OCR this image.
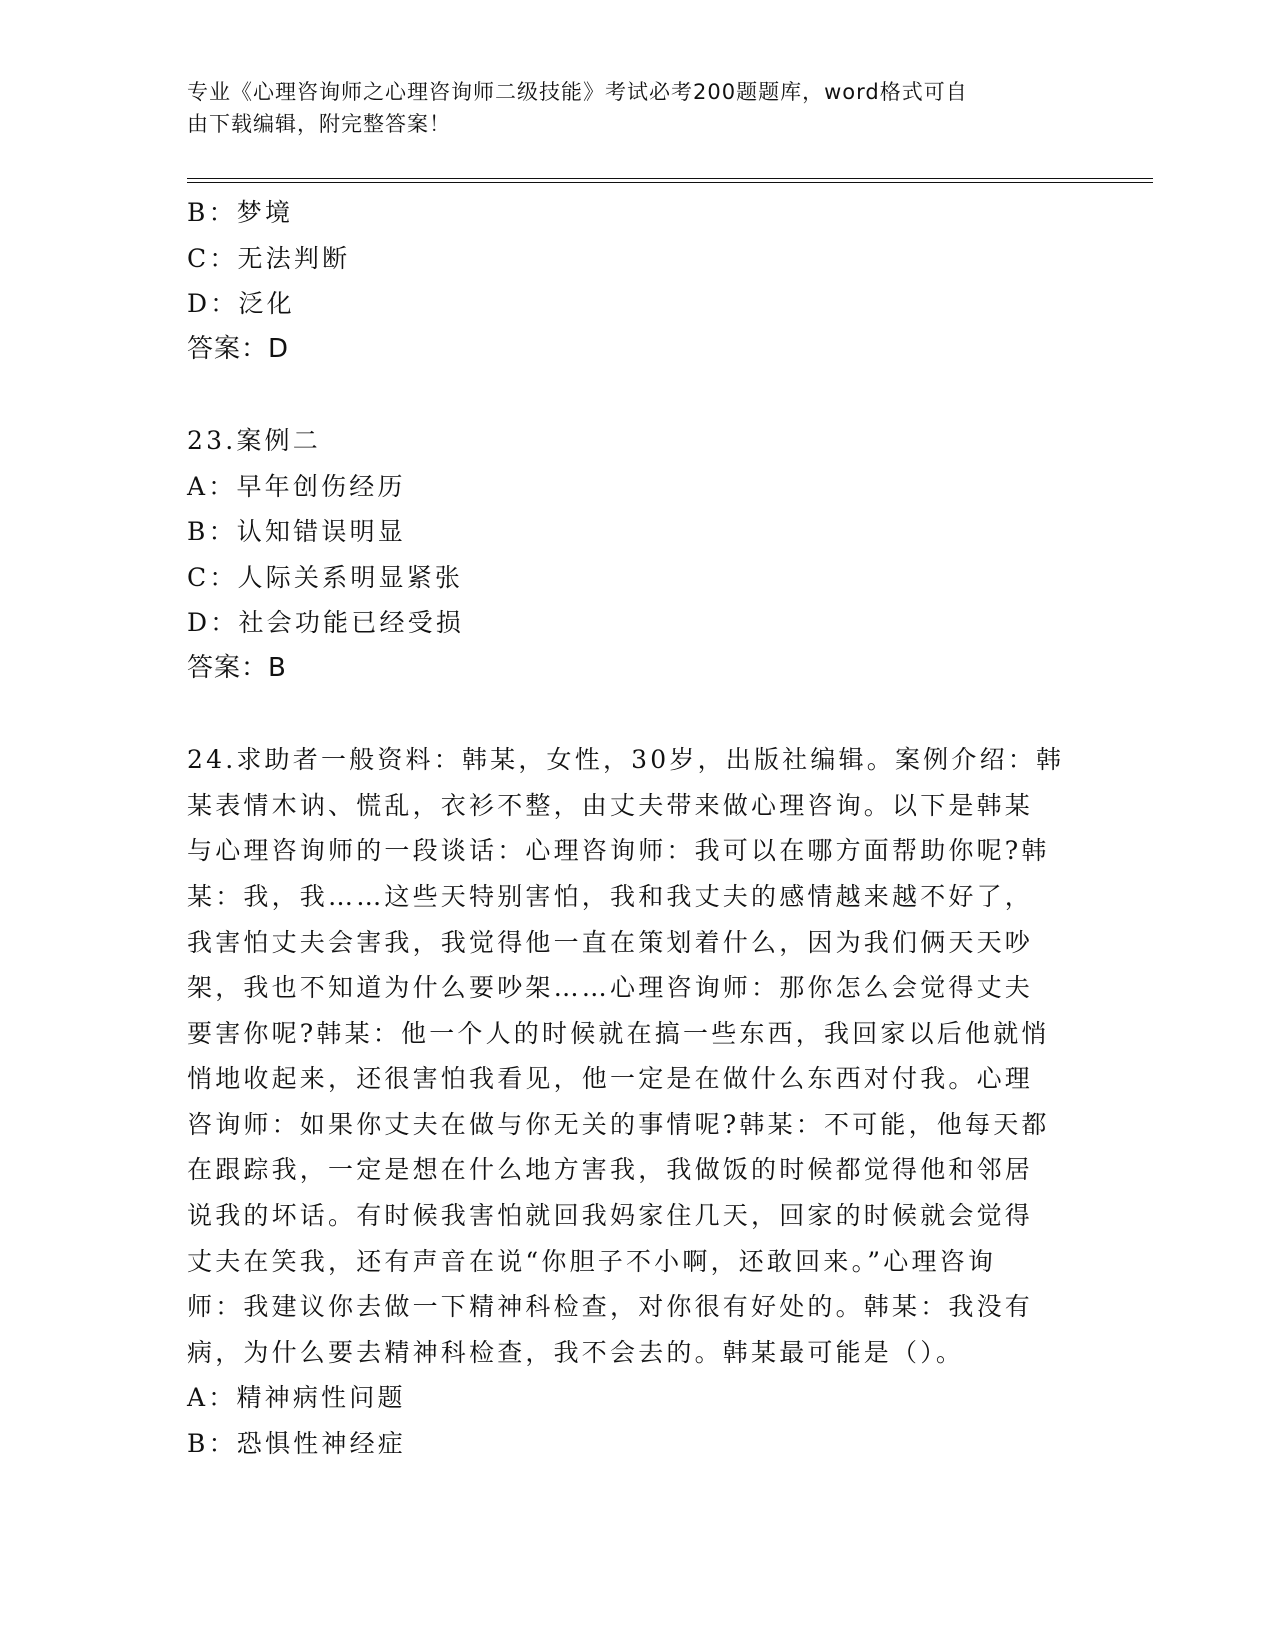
专业《心理咨询师之心理咨询师二级技能》考试必考200题题库，word格式可自
由下载编辑，附完整答案！
B：梦境
C：无法判断
D：泛化
答案：D
23.案例二
A：早年创伤经历
B：认知错误明显
C：人际关系明显紧张
D：社会功能已经受损
答案：B
24.求助者一般资料：韩某，女性，30岁，出版社编辑。案例介绍：韩
某表情木讷、慌乱，衣衫不整，由丈夫带来做心理咨询。以下是韩某
与心理咨询师的一段谈话：心理咨询师：我可以在哪方面帮助你呢?韩
某：我，我……这些天特别害怕，我和我丈夫的感情越来越不好了，
我害怕丈夫会害我，我觉得他一直在策划着什么，因为我们俩天天吵
架，我也不知道为什么要吵架……心理咨询师：那你怎么会觉得丈夫
要害你呢?韩某：他一个人的时候就在搞一些东西，我回家以后他就悄
悄地收起来，还很害怕我看见，他一定是在做什么东西对付我。心理
咨询师：如果你丈夫在做与你无关的事情呢?韩某：不可能，他每天都
在跟踪我，一定是想在什么地方害我，我做饭的时候都觉得他和邻居
说我的坏话。有时候我害怕就回我妈家住几天，回家的时候就会觉得
丈夫在笑我，还有声音在说“你胆子不小啊，还敢回来。”心理咨询
师：我建议你去做一下精神科检查，对你很有好处的。韩某：我没有
病，为什么要去精神科检查，我不会去的。韩某最可能是（）。
A：精神病性问题
B：恐惧性神经症
